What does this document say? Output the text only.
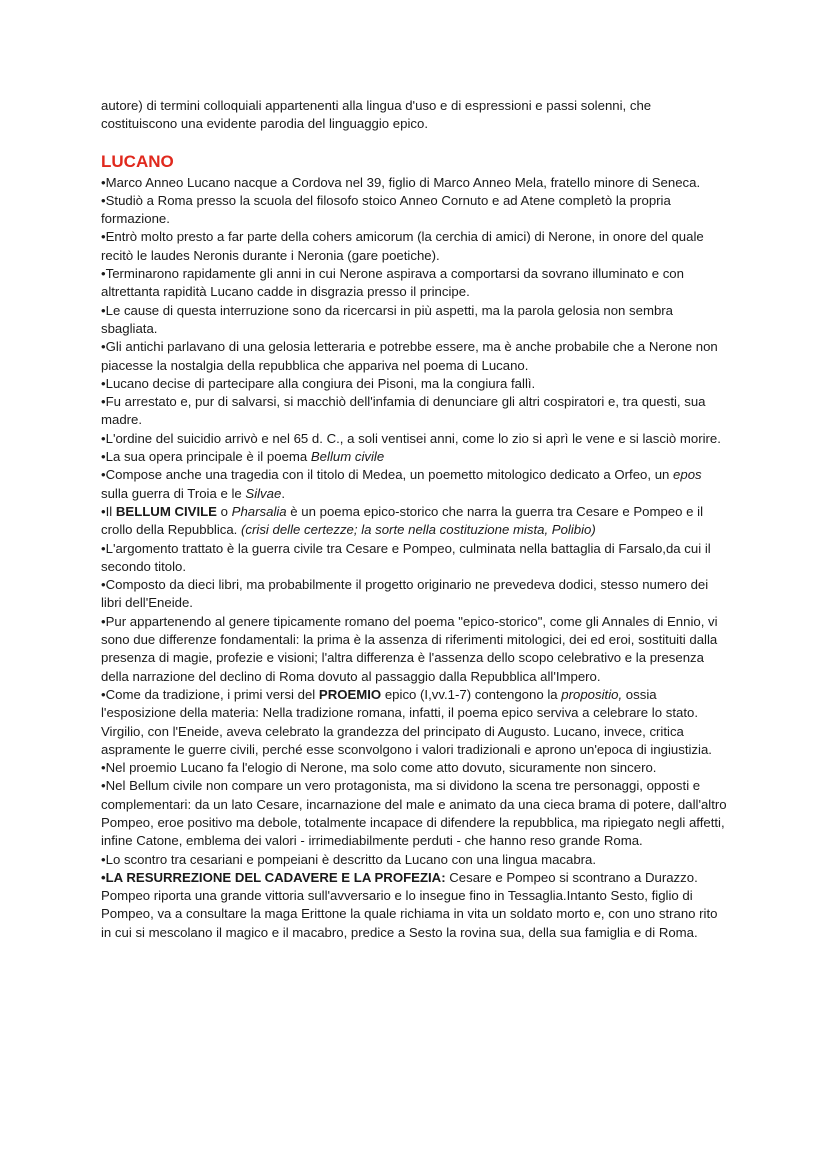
autore) di termini colloquiali appartenenti alla lingua d'uso e di espressioni e passi solenni, che costituiscono una evidente parodia del linguaggio epico.

LUCANO

•Marco Anneo Lucano nacque a Cordova nel 39, figlio di Marco Anneo Mela, fratello minore di Seneca.

•Studiò a Roma presso la scuola del filosofo stoico Anneo Cornuto e ad Atene completò la propria formazione.

•Entrò molto presto a far parte della cohers amicorum (la cerchia di amici) di Nerone, in onore del quale recitò le laudes Neronis durante i Neronia (gare poetiche).

•Terminarono rapidamente gli anni in cui Nerone aspirava a comportarsi da sovrano illuminato e con altrettanta rapidità Lucano cadde in disgrazia presso il principe.

•Le cause di questa interruzione sono da ricercarsi in più aspetti, ma la parola gelosia non sembra sbagliata.

•Gli antichi parlavano di una gelosia letteraria e potrebbe essere, ma è anche probabile che a Nerone non piacesse la nostalgia della repubblica che appariva nel poema di Lucano.

•Lucano decise di partecipare alla congiura dei Pisoni, ma la congiura fallì.

•Fu arrestato e, pur di salvarsi, si macchiò dell'infamia di denunciare gli altri cospiratori e, tra questi, sua madre.

•L'ordine del suicidio arrivò e nel 65 d. C., a soli ventisei anni, come lo zio si aprì le vene e si lasciò morire.

•La sua opera principale è il poema Bellum civile

•Compose anche una tragedia con il titolo di Medea, un poemetto mitologico dedicato a Orfeo, un epos sulla guerra di Troia e le Silvae.

•Il BELLUM CIVILE o Pharsalia è un poema epico-storico che narra la guerra tra Cesare e Pompeo e il crollo della Repubblica. (crisi delle certezze; la sorte nella costituzione mista, Polibio)

•L'argomento trattato è la guerra civile tra Cesare e Pompeo, culminata nella battaglia di Farsalo,da cui il secondo titolo.

•Composto da dieci libri, ma probabilmente il progetto originario ne prevedeva dodici, stesso numero dei libri dell'Eneide.

•Pur appartenendo al genere tipicamente romano del poema "epico-storico", come gli Annales di Ennio, vi sono due differenze fondamentali: la prima è la assenza di riferimenti mitologici, dei ed eroi, sostituiti dalla presenza di magie, profezie e visioni; l'altra differenza è l'assenza dello scopo celebrativo e la presenza della narrazione del declino di Roma dovuto al passaggio dalla Repubblica all'Impero.

•Come da tradizione, i primi versi del PROEMIO epico (I,vv.1-7) contengono la propositio, ossia l'esposizione della materia: Nella tradizione romana, infatti, il poema epico serviva a celebrare lo stato. Virgilio, con l'Eneide, aveva celebrato la grandezza del principato di Augusto. Lucano, invece, critica aspramente le guerre civili, perché esse sconvolgono i valori tradizionali e aprono un'epoca di ingiustizia.

•Nel proemio Lucano fa l'elogio di Nerone, ma solo come atto dovuto, sicuramente non sincero.

•Nel Bellum civile non compare un vero protagonista, ma si dividono la scena tre personaggi, opposti e complementari: da un lato Cesare, incarnazione del male e animato da una cieca brama di potere, dall'altro Pompeo, eroe positivo ma debole, totalmente incapace di difendere la repubblica, ma ripiegato negli affetti, infine Catone, emblema dei valori - irrimediabilmente perduti - che hanno reso grande Roma.

•Lo scontro tra cesariani e pompeiani è descritto da Lucano con una lingua macabra.

•LA RESURREZIONE DEL CADAVERE E LA PROFEZIA: Cesare e Pompeo si scontrano a Durazzo. Pompeo riporta una grande vittoria sull'avversario e lo insegue fino in Tessaglia.Intanto Sesto, figlio di Pompeo, va a consultare la maga Erittone la quale richiama in vita un soldato morto e, con uno strano rito in cui si mescolano il magico e il macabro, predice a Sesto la rovina sua, della sua famiglia e di Roma.
